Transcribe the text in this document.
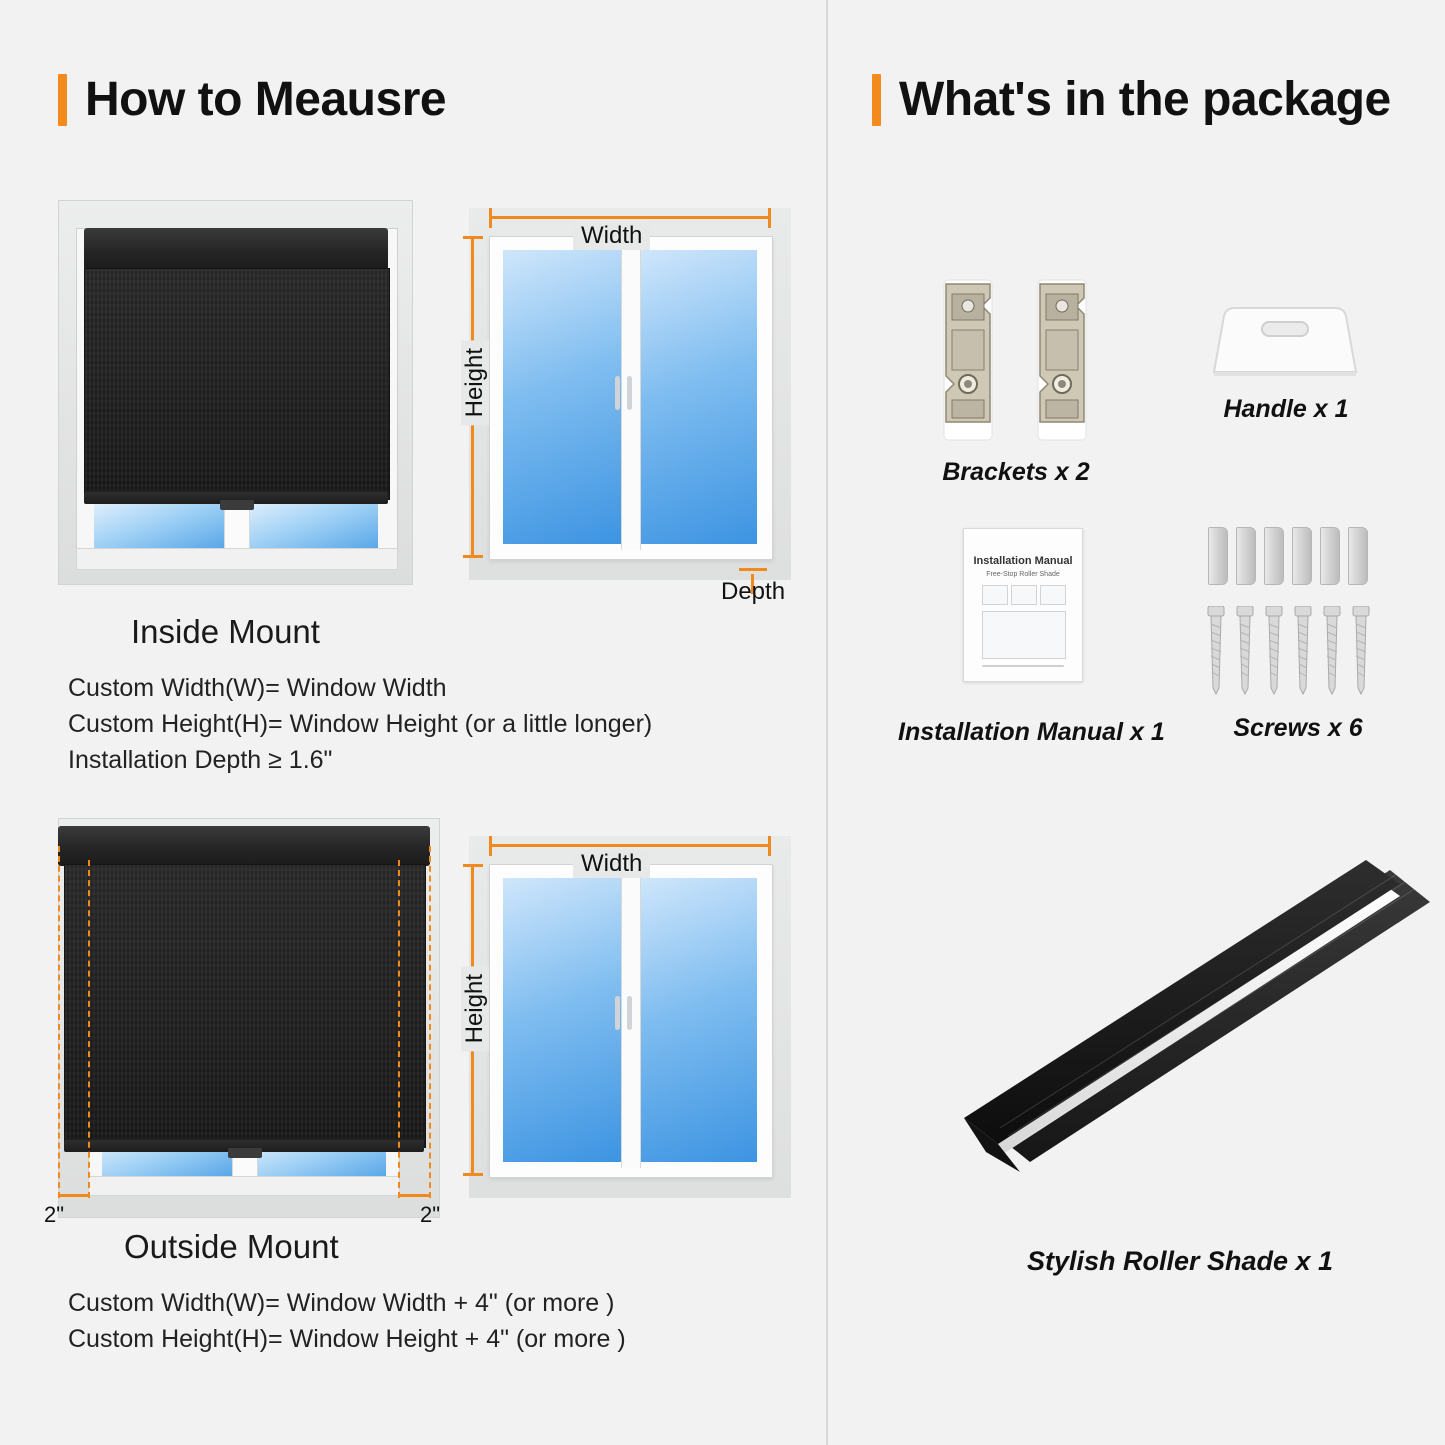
How to Meausre
Width
Height
Depth
Inside Mount
Custom Width(W)= Window Width
Custom Height(H)= Window Height (or a little longer)
Installation Depth ≥ 1.6"
2"	2"
Width
Height
Outside Mount
Custom Width(W)= Window Width + 4" (or more )
Custom Height(H)= Window Height + 4" (or more )
What's in the package
Brackets x 2
Handle x 1
Installation Manual
Free-Stop Roller Shade
Installation Manual x 1	Screws x 6
Stylish Roller Shade x 1
